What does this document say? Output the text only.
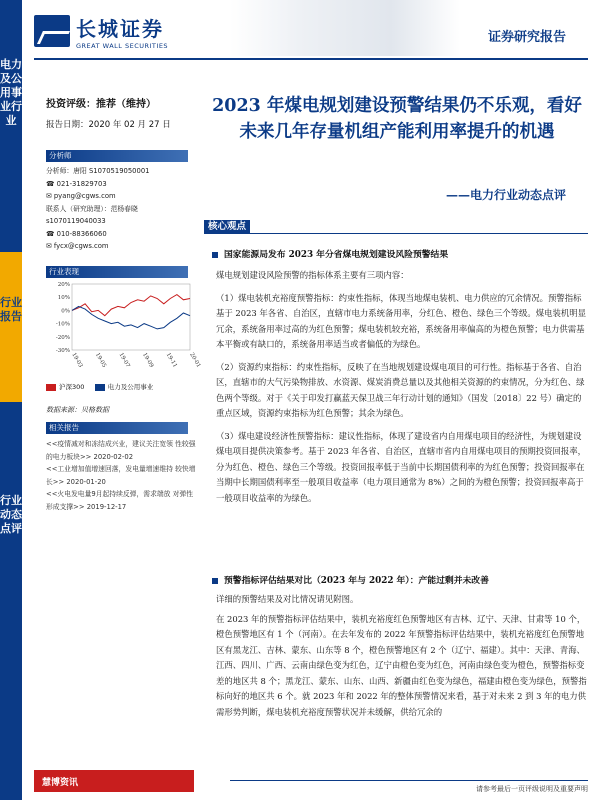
电力及公用事业行业
行业报告
行业动态点评
长城证券
GREAT WALL SECURITIES
证券研究报告
投资评级：推荐（维持）
报告日期：2020 年 02 月 27 日
分析师
分析师：唐阳 S1070519050001
☎ 021-31829703
✉ pyang@cgws.com
联系人（研究助理）：范杨春晓
s1070119040033
☎ 010-88366060
✉ fycx@cgws.com
行业表现
20%
10%
0%
-10%
-20%
-30%
19-03 19-05 19-07 19-09 19-11 20-01
沪深300	电力及公用事业
数据来源：贝格数据
相关报告
<<疫情减对和冻结成兴业，建议关注宽领 性较强的电力板块>> 2020-02-02
<<工业增加值增速回落，发电量增速维持 较快增长>> 2020-01-20
<<火电发电量9月起持续反弹，需求端放 对弹性形成支撑>> 2019-12-17
慧博资讯
2023 年煤电规划建设预警结果仍不乐观，看好未来几年存量机组产能利用率提升的机遇
——电力行业动态点评
核心观点
国家能源局发布 2023 年分省煤电规划建设风险预警结果

煤电规划建设风险预警的指标体系主要有三项内容：

（1）煤电装机充裕度预警指标：约束性指标，体现当地煤电装机、电力供应的冗余情况。预警指标基于 2023 年各省、自治区，直辖市电力系统备用率，分红色、橙色、绿色三个等级。煤电装机明显冗余，系统备用率过高的为红色预警；煤电装机较充裕，系统备用率偏高的为橙色预警；电力供需基本平衡或有缺口的，系统备用率适当或者偏低的为绿色。

（2）资源约束指标：约束性指标，反映了在当地规划建设煤电项目的可行性。指标基于各省、自治区，直辖市的大气污染物排放、水资源、煤炭消费总量以及其他相关资源的约束情况，分为红色、绿色两个等级。对于《关于印发打赢蓝天保卫战三年行动计划的通知》（国发〔2018〕22 号）确定的重点区域，资源约束指标为红色预警；其余为绿色。

（3）煤电建设经济性预警指标：建议性指标，体现了建设省内自用煤电项目的经济性，为规划建设煤电项目提供决策参考。基于 2023 年各省、自治区，直辖市省内自用煤电项目的预期投资回报率，分为红色、橙色、绿色三个等级。投资回报率低于当前中长期国债利率的为红色预警；投资回报率在当期中长期国债利率至一般项目收益率（电力项目通常为 8%）之间的为橙色预警；投资回报率高于一般项目收益率的为绿色。

预警指标评估结果对比（2023 年与 2022 年）：产能过剩并未改善

详细的预警结果及对比情况请见附图。

在 2023 年的预警指标评估结果中，装机充裕度红色预警地区有吉林、辽宁、天津、甘肃等 10 个，橙色预警地区有 1 个（河南）。在去年发布的 2022 年预警指标评估结果中，装机充裕度红色预警地区有黑龙江、吉林、蒙东、山东等 8 个，橙色预警地区有 2 个（辽宁、福建）。其中：天津、青海、江西、四川、广西、云南由绿色变为红色，辽宁由橙色变为红色，河南由绿色变为橙色，预警指标变差的地区共 8 个；黑龙江、蒙东、山东、山西、新疆由红色变为绿色，福建由橙色变为绿色，预警指标向好的地区共 6 个。就 2023 年和 2022 年的整体预警情况来看，基于对未来 2 到 3 年的电力供需形势判断，煤电装机充裕度预警状况并未缓解，供给冗余的

请参考最后一页评级说明及重要声明
